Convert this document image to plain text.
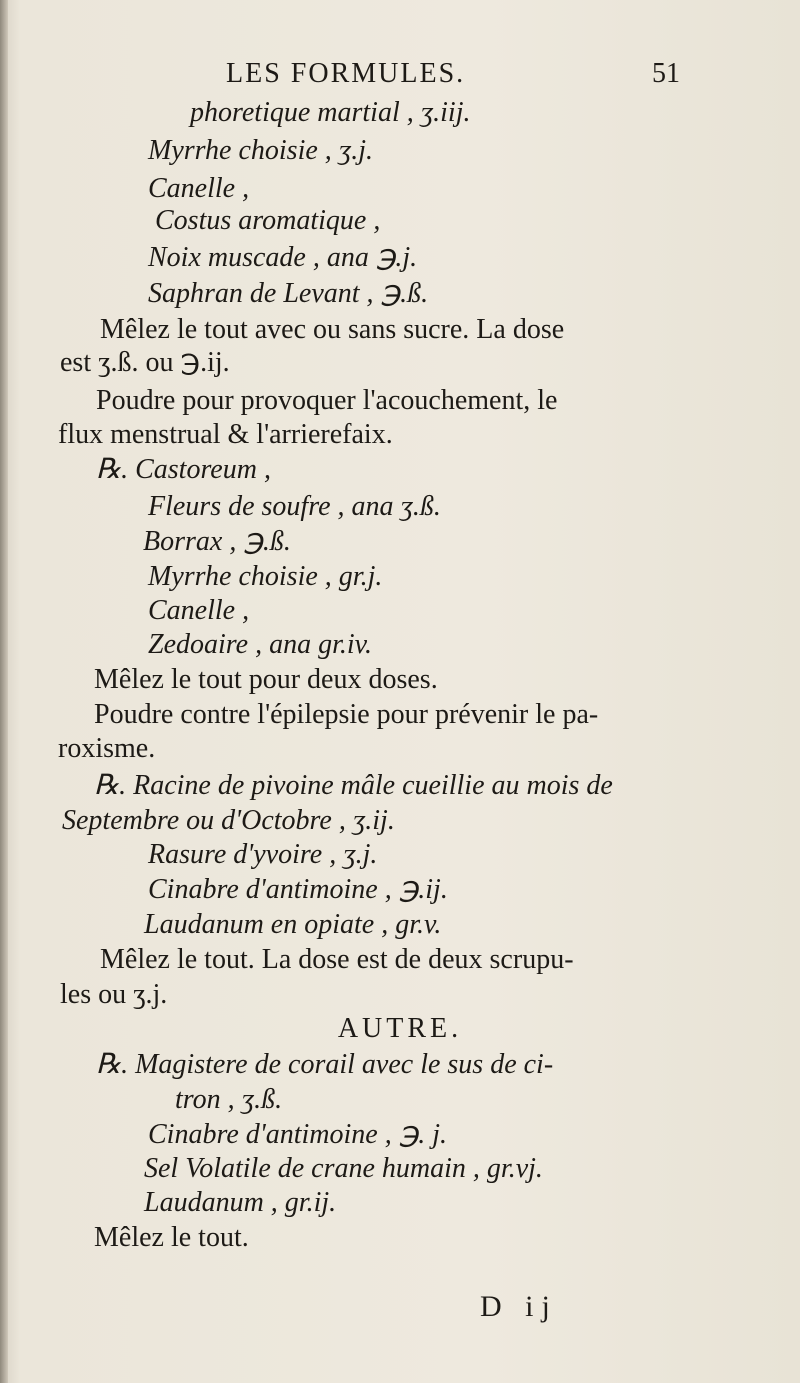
LES FORMULES.	51
phoretique martial , ʒ.iij.
Myrrhe choisie , ʒ.j.
Canelle ,
Costus aromatique ,
Noix muscade , ana ℈.j.
Saphran de Levant , ℈.ß.
Mêlez le tout avec ou sans sucre. La dose
est ʒ.ß. ou ℈.ij.
Poudre pour provoquer l'acouchement, le
flux menstrual & l'arrierefaix.
℞. Castoreum ,
Fleurs de soufre , ana ʒ.ß.
Borrax , ℈.ß.
Myrrhe choisie , gr.j.
Canelle ,
Zedoaire , ana gr.iv.
Mêlez le tout pour deux doses.
Poudre contre l'épilepsie pour prévenir le pa-
roxisme.
℞. Racine de pivoine mâle cueillie au mois de
Septembre ou d'Octobre , ʒ.ij.
Rasure d'yvoire , ʒ.j.
Cinabre d'antimoine , ℈.ij.
Laudanum en opiate , gr.v.
Mêlez le tout. La dose est de deux scrupu-
les ou ʒ.j.
AUTRE.
℞. Magistere de corail avec le sus de ci-
tron , ʒ.ß.
Cinabre d'antimoine , ℈. j.
Sel Volatile de crane humain , gr.vj.
Laudanum , gr.ij.
Mêlez le tout.
D ij
